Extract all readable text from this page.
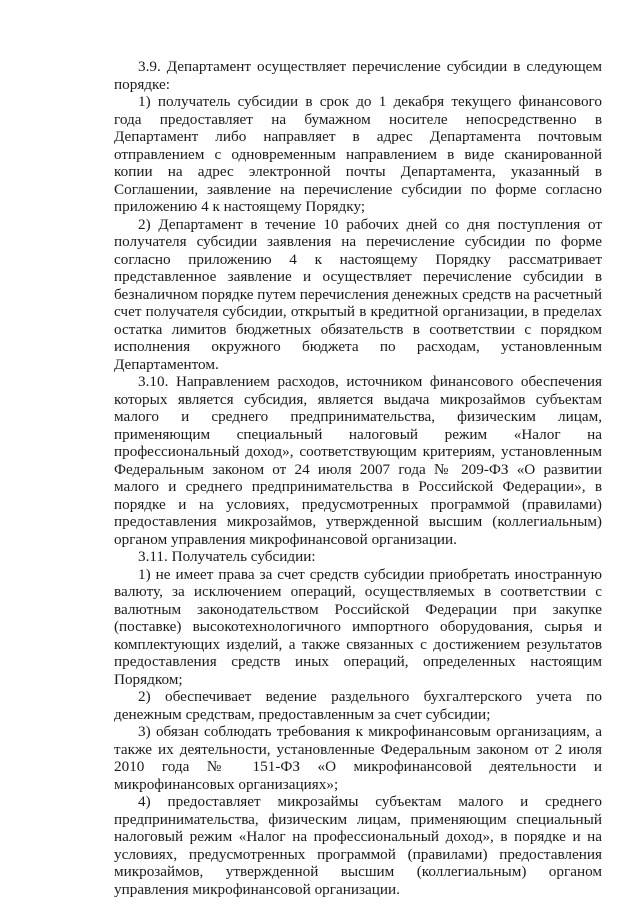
3.9. Департамент осуществляет перечисление субсидии в следующем порядке:

1) получатель субсидии в срок до 1 декабря текущего финансового года предоставляет на бумажном носителе непосредственно в Департамент либо направляет в адрес Департамента почтовым отправлением с одновременным направлением в виде сканированной копии на адрес электронной почты Департамента, указанный в Соглашении, заявление на перечисление субсидии по форме согласно приложению 4 к настоящему Порядку;

2) Департамент в течение 10 рабочих дней со дня поступления от получателя субсидии заявления на перечисление субсидии по форме согласно приложению 4 к настоящему Порядку рассматривает представленное заявление и осуществляет перечисление субсидии в безналичном порядке путем перечисления денежных средств на расчетный счет получателя субсидии, открытый в кредитной организации, в пределах остатка лимитов бюджетных обязательств в соответствии с порядком исполнения окружного бюджета по расходам, установленным Департаментом.

3.10. Направлением расходов, источником финансового обеспечения которых является субсидия, является выдача микрозаймов субъектам малого и среднего предпринимательства, физическим лицам, применяющим специальный налоговый режим «Налог на профессиональный доход», соответствующим критериям, установленным Федеральным законом от 24 июля 2007 года № 209-ФЗ «О развитии малого и среднего предпринимательства в Российской Федерации», в порядке и на условиях, предусмотренных программой (правилами) предоставления микрозаймов, утвержденной высшим (коллегиальным) органом управления микрофинансовой организации.

3.11. Получатель субсидии:

1) не имеет права за счет средств субсидии приобретать иностранную валюту, за исключением операций, осуществляемых в соответствии с валютным законодательством Российской Федерации при закупке (поставке) высокотехнологичного импортного оборудования, сырья и комплектующих изделий, а также связанных с достижением результатов предоставления средств иных операций, определенных настоящим Порядком;

2) обеспечивает ведение раздельного бухгалтерского учета по денежным средствам, предоставленным за счет субсидии;

3) обязан соблюдать требования к микрофинансовым организациям, а также их деятельности, установленные Федеральным законом от 2 июля 2010 года № 151-ФЗ «О микрофинансовой деятельности и микрофинансовых организациях»;

4) предоставляет микрозаймы субъектам малого и среднего предпринимательства, физическим лицам, применяющим специальный налоговый режим «Налог на профессиональный доход», в порядке и на условиях, предусмотренных программой (правилами) предоставления микрозаймов, утвержденной высшим (коллегиальным) органом управления микрофинансовой организации.
